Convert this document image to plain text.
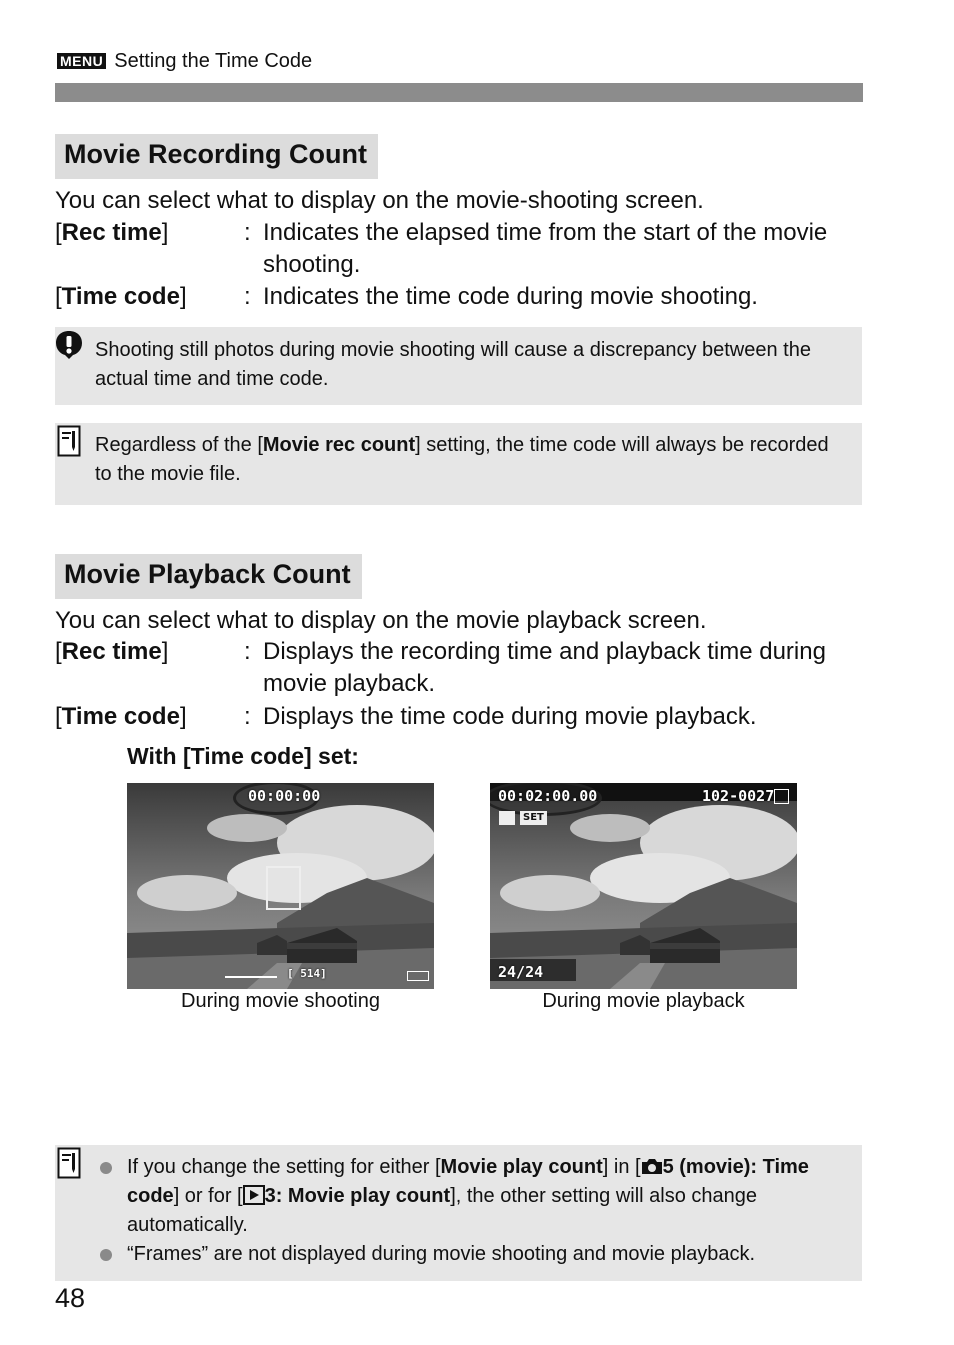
MENU Setting the Time Code
Movie Recording Count
You can select what to display on the movie-shooting screen.
[Rec time]	: Indicates the elapsed time from the start of the movie shooting.
[Time code] : Indicates the time code during movie shooting.
Shooting still photos during movie shooting will cause a discrepancy between the actual time and time code.
Regardless of the [Movie rec count] setting, the time code will always be recorded to the movie file.
Movie Playback Count
You can select what to display on the movie playback screen.
[Rec time]	: Displays the recording time and playback time during movie playback.
[Time code] : Displays the time code during movie playback.
With [Time code] set:
00:00:00
[ 514]
During movie shooting
00:02:00.00	102-0027
SET
24/24
During movie playback
If you change the setting for either [Movie play count] in [ 5 (movie): Time code] or for [ 3: Movie play count], the other setting will also change automatically.
“Frames” are not displayed during movie shooting and movie playback.
48
